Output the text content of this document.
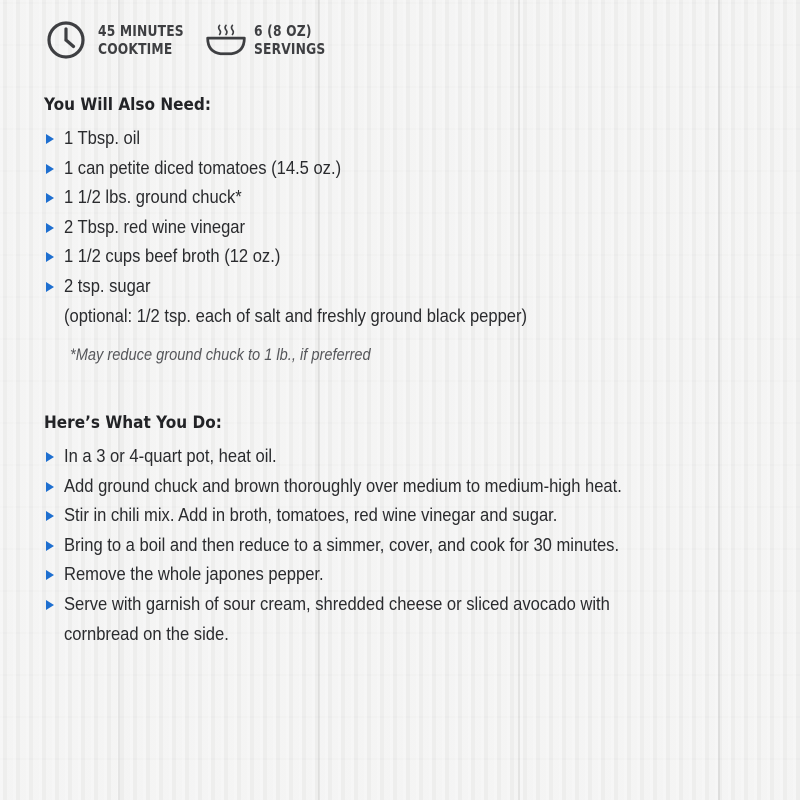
45 MINUTES
COOKTIME
6 (8 OZ)
SERVINGS
You Will Also Need:
1 Tbsp. oil
1 can petite diced tomatoes (14.5 oz.)
1 1/2 lbs. ground chuck*
2 Tbsp. red wine vinegar
1 1/2 cups beef broth (12 oz.)
2 tsp. sugar
(optional: 1/2 tsp. each of salt and freshly ground black pepper)
*May reduce ground chuck to 1 lb., if preferred
Here’s What You Do:
In a 3 or 4-quart pot, heat oil.
Add ground chuck and brown thoroughly over medium to medium-high heat.
Stir in chili mix. Add in broth, tomatoes, red wine vinegar and sugar.
Bring to a boil and then reduce to a simmer, cover, and cook for 30 minutes.
Remove the whole japones pepper.
Serve with garnish of sour cream, shredded cheese or sliced avocado with
cornbread on the side.
